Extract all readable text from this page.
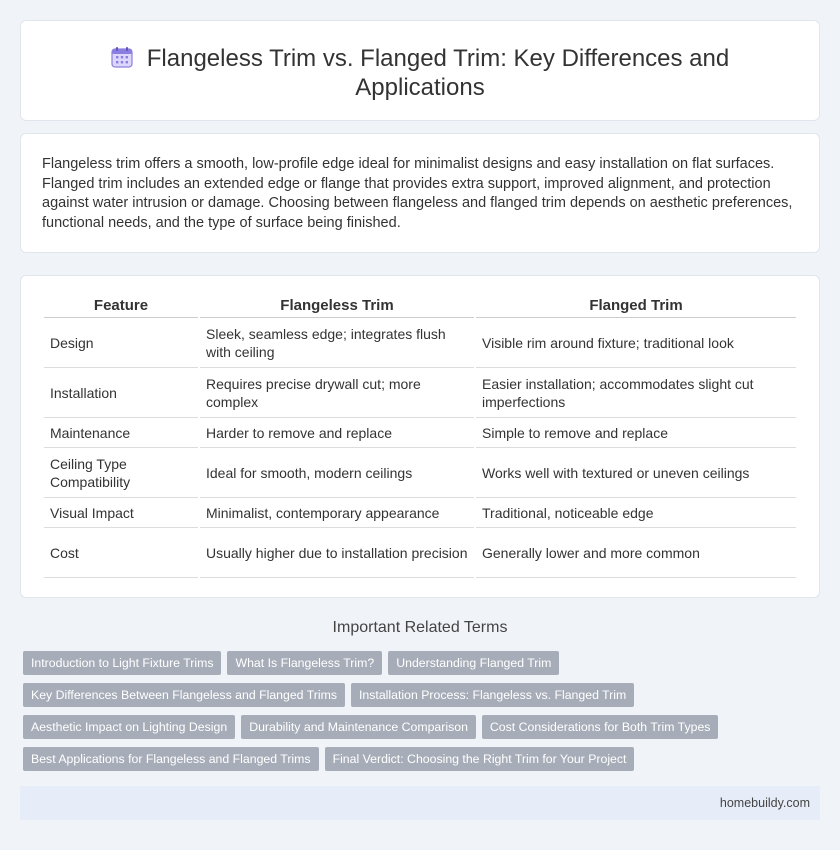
Flangeless Trim vs. Flanged Trim: Key Differences and Applications

Flangeless trim offers a smooth, low-profile edge ideal for minimalist designs and easy installation on flat surfaces. Flanged trim includes an extended edge or flange that provides extra support, improved alignment, and protection against water intrusion or damage. Choosing between flangeless and flanged trim depends on aesthetic preferences, functional needs, and the type of surface being finished.

Feature	Flangeless Trim	Flanged Trim
Design	Sleek, seamless edge; integrates flush with ceiling	Visible rim around fixture; traditional look
Installation	Requires precise drywall cut; more complex	Easier installation; accommodates slight cut imperfections
Maintenance	Harder to remove and replace	Simple to remove and replace
Ceiling Type Compatibility	Ideal for smooth, modern ceilings	Works well with textured or uneven ceilings
Visual Impact	Minimalist, contemporary appearance	Traditional, noticeable edge
Cost	Usually higher due to installation precision	Generally lower and more common
Important Related Terms
Introduction to Light Fixture Trims What Is Flangeless Trim? Understanding Flanged Trim
Key Differences Between Flangeless and Flanged Trims Installation Process: Flangeless vs. Flanged Trim
Aesthetic Impact on Lighting Design Durability and Maintenance Comparison Cost Considerations for Both Trim Types
Best Applications for Flangeless and Flanged Trims Final Verdict: Choosing the Right Trim for Your Project
homebuildy.com
